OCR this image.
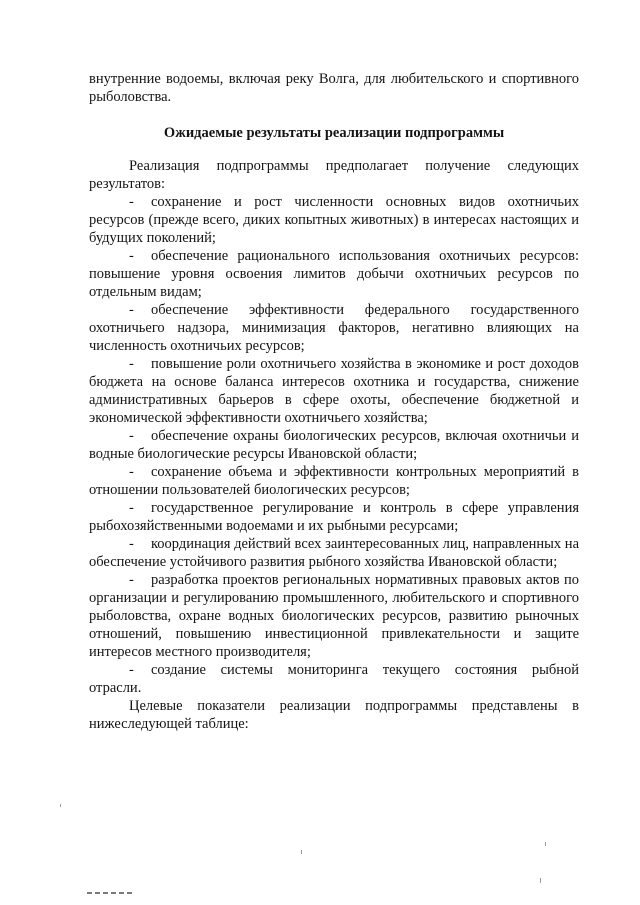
внутренние водоемы, включая реку Волга, для любительского и спортивного рыболовства.

Ожидаемые результаты реализации подпрограммы

Реализация подпрограммы предполагает получение следующих результатов:

- сохранение и рост численности основных видов охотничьих ресурсов (прежде всего, диких копытных животных) в интересах настоящих и будущих поколений;

- обеспечение рационального использования охотничьих ресурсов: повышение уровня освоения лимитов добычи охотничьих ресурсов по отдельным видам;

- обеспечение эффективности федерального государственного охотничьего надзора, минимизация факторов, негативно влияющих на численность охотничьих ресурсов;

- повышение роли охотничьего хозяйства в экономике и рост доходов бюджета на основе баланса интересов охотника и государства, снижение административных барьеров в сфере охоты, обеспечение бюджетной и экономической эффективности охотничьего хозяйства;

- обеспечение охраны биологических ресурсов, включая охотничьи и водные биологические ресурсы Ивановской области;

- сохранение объема и эффективности контрольных мероприятий в отношении пользователей биологических ресурсов;

- государственное регулирование и контроль в сфере управления рыбохозяйственными водоемами и их рыбными ресурсами;

- координация действий всех заинтересованных лиц, направленных на обеспечение устойчивого развития рыбного хозяйства Ивановской области;

- разработка проектов региональных нормативных правовых актов по организации и регулированию промышленного, любительского и спортивного рыболовства, охране водных биологических ресурсов, развитию рыночных отношений, повышению инвестиционной привлекательности и защите интересов местного производителя;

- создание системы мониторинга текущего состояния рыбной отрасли.

Целевые показатели реализации подпрограммы представлены в нижеследующей таблице:
